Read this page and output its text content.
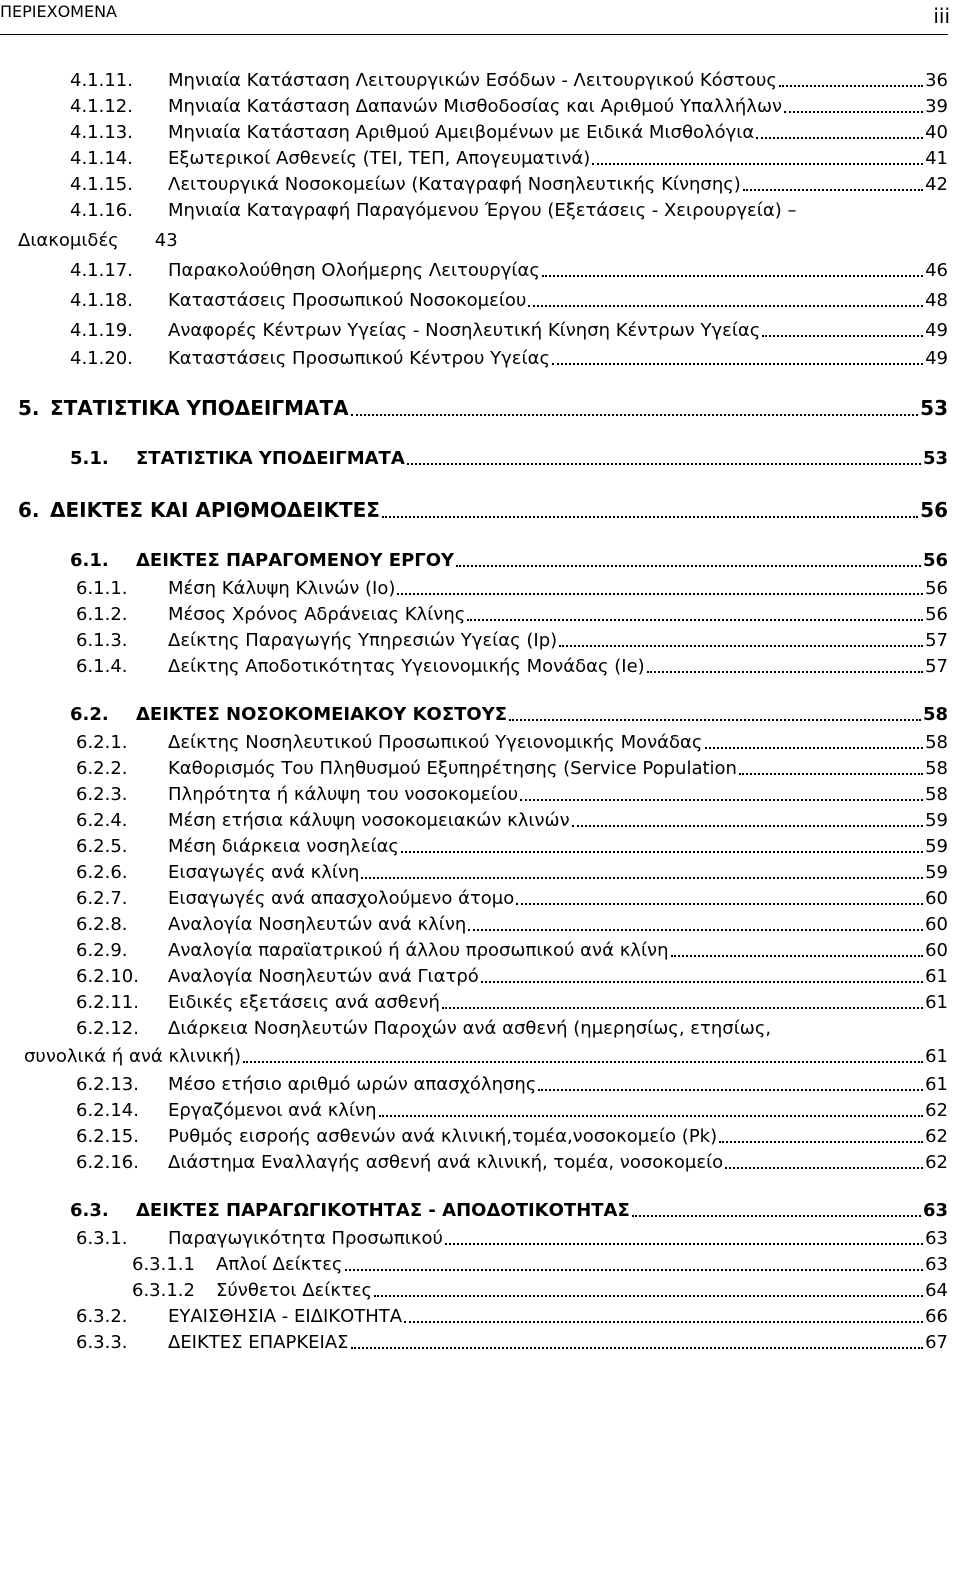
ΠΕΡΙΕΧΟΜΕΝΑ	iii
4.1.11. Μηνιαία Κατάσταση Λειτουργικών Εσόδων - Λειτουργικού Κόστους	36
4.1.12. Μηνιαία Κατάσταση Δαπανών Μισθοδοσίας και Αριθμού Υπαλλήλων	39
4.1.13. Μηνιαία Κατάσταση Αριθμού Αμειβομένων με Ειδικά Μισθολόγια	40
4.1.14. Εξωτερικοί Ασθενείς (ΤΕΙ, ΤΕΠ, Απογευματινά)	41
4.1.15. Λειτουργικά Νοσοκομείων (Καταγραφή Νοσηλευτικής Κίνησης)	42
4.1.16. Μηνιαία Καταγραφή Παραγόμενου Έργου (Εξετάσεις - Χειρουργεία) –
Διακομιδές 43
4.1.17. Παρακολούθηση Ολοήμερης Λειτουργίας	46
4.1.18. Καταστάσεις Προσωπικού Νοσοκομείου	48
4.1.19. Αναφορές Κέντρων Υγείας - Νοσηλευτική Κίνηση Κέντρων Υγείας	49
4.1.20. Καταστάσεις Προσωπικού Κέντρου Υγείας	49
5. ΣΤΑΤΙΣΤΙΚΑ ΥΠΟΔΕΙΓΜΑΤΑ	53
5.1. ΣΤΑΤΙΣΤΙΚΑ ΥΠΟΔΕΙΓΜΑΤΑ	53
6. ΔΕΙΚΤΕΣ ΚΑΙ ΑΡΙΘΜΟΔΕΙΚΤΕΣ	56
6.1. ΔΕΙΚΤΕΣ ΠΑΡΑΓΟΜΕΝΟΥ ΕΡΓΟΥ	56
6.1.1. Μέση Κάλυψη Κλινών (Io)	56
6.1.2. Μέσος Χρόνος Αδράνειας Κλίνης	56
6.1.3. Δείκτης Παραγωγής Υπηρεσιών Υγείας (Ip)	57
6.1.4. Δείκτης Αποδοτικότητας Υγειονομικής Μονάδας (Ie)	57
6.2. ΔΕΙΚΤΕΣ ΝΟΣΟΚΟΜΕΙΑΚΟΥ ΚΟΣΤΟΥΣ	58
6.2.1. Δείκτης Νοσηλευτικού Προσωπικού Υγειονομικής Μονάδας	58
6.2.2. Καθορισμός Του Πληθυσμού Εξυπηρέτησης (Service Population	58
6.2.3. Πληρότητα ή κάλυψη του νοσοκομείου	58
6.2.4. Μέση ετήσια κάλυψη νοσοκομειακών κλινών	59
6.2.5. Μέση διάρκεια νοσηλείας	59
6.2.6. Εισαγωγές ανά κλίνη	59
6.2.7. Εισαγωγές ανά απασχολούμενο άτομο	60
6.2.8. Αναλογία Νοσηλευτών ανά κλίνη	60
6.2.9. Αναλογία παραϊατρικού ή άλλου προσωπικού ανά κλίνη	60
6.2.10. Αναλογία Νοσηλευτών ανά Γιατρό	61
6.2.11. Ειδικές εξετάσεις ανά ασθενή	61
6.2.12. Διάρκεια Νοσηλευτών Παροχών ανά ασθενή (ημερησίως, ετησίως,
συνολικά ή ανά κλινική)	61
6.2.13. Μέσο ετήσιο αριθμό ωρών απασχόλησης	61
6.2.14. Εργαζόμενοι ανά κλίνη	62
6.2.15. Ρυθμός εισροής ασθενών ανά κλινική,τομέα,νοσοκομείο (Pk)	62
6.2.16. Διάστημα Εναλλαγής ασθενή ανά κλινική, τομέα, νοσοκομείο	62
6.3. ΔΕΙΚΤΕΣ ΠΑΡΑΓΩΓΙΚΟΤΗΤΑΣ - ΑΠΟΔΟΤΙΚΟΤΗΤΑΣ	63
6.3.1. Παραγωγικότητα Προσωπικού	63
6.3.1.1 Απλοί Δείκτες	63
6.3.1.2 Σύνθετοι Δείκτες	64
6.3.2. ΕΥΑΙΣΘΗΣΙΑ - ΕΙΔΙΚΟΤΗΤΑ	66
6.3.3. ΔΕΙΚΤΕΣ ΕΠΑΡΚΕΙΑΣ	67
